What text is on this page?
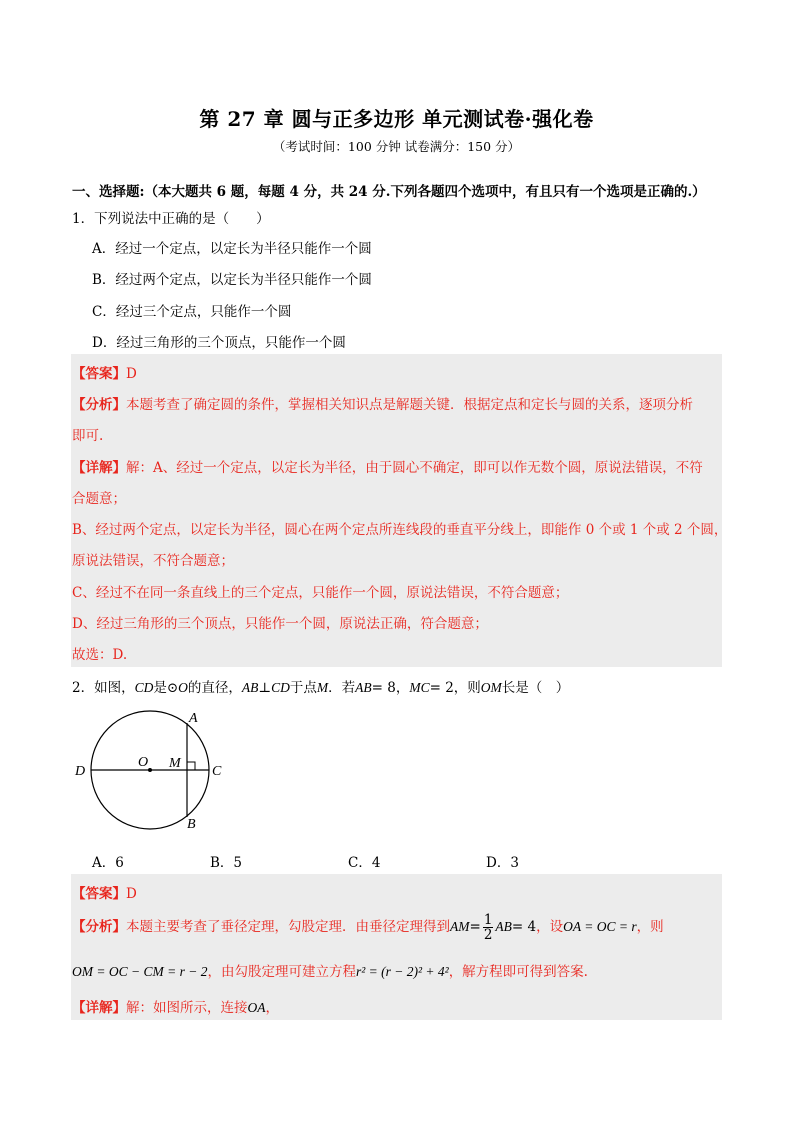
第 27 章 圆与正多边形 单元测试卷·强化卷
（考试时间：100 分钟 试卷满分：150 分）
一、选择题:（本大题共 6 题，每题 4 分，共 24 分.下列各题四个选项中，有且只有一个选项是正确的.）
1．下列说法中正确的是（　　）
A．经过一个定点，以定长为半径只能作一个圆
B．经过两个定点，以定长为半径只能作一个圆
C．经过三个定点，只能作一个圆
D．经过三角形的三个顶点，只能作一个圆
【答案】D
【分析】本题考查了确定圆的条件，掌握相关知识点是解题关键．根据定点和定长与圆的关系，逐项分析
即可.
【详解】解：A、经过一个定点，以定长为半径，由于圆心不确定，即可以作无数个圆，原说法错误，不符
合题意；
B、经过两个定点，以定长为半径，圆心在两个定点所连线段的垂直平分线上，即能作 0 个或 1 个或 2 个圆，
原说法错误，不符合题意；
C、经过不在同一条直线上的三个定点，只能作一个圆，原说法错误，不符合题意；
D、经过三角形的三个顶点，只能作一个圆，原说法正确，符合题意；
故选：D.
2．如图，CD是⊙O的直径，AB⊥CD于点M．若AB= 8，MC= 2，则OM长是（　）
D
O M
C
A
B
A．6	B．5	C．4	D．3
【答案】D
【分析】本题主要考查了垂径定理，勾股定理．由垂径定理得到$AM= \frac{1}{2} AB= 4$，设OA = OC = r，则
OM = OC − CM = r − 2，由勾股定理可建立方程r² = (r − 2)² + 4²，解方程即可得到答案.
【详解】解：如图所示，连接OA，
